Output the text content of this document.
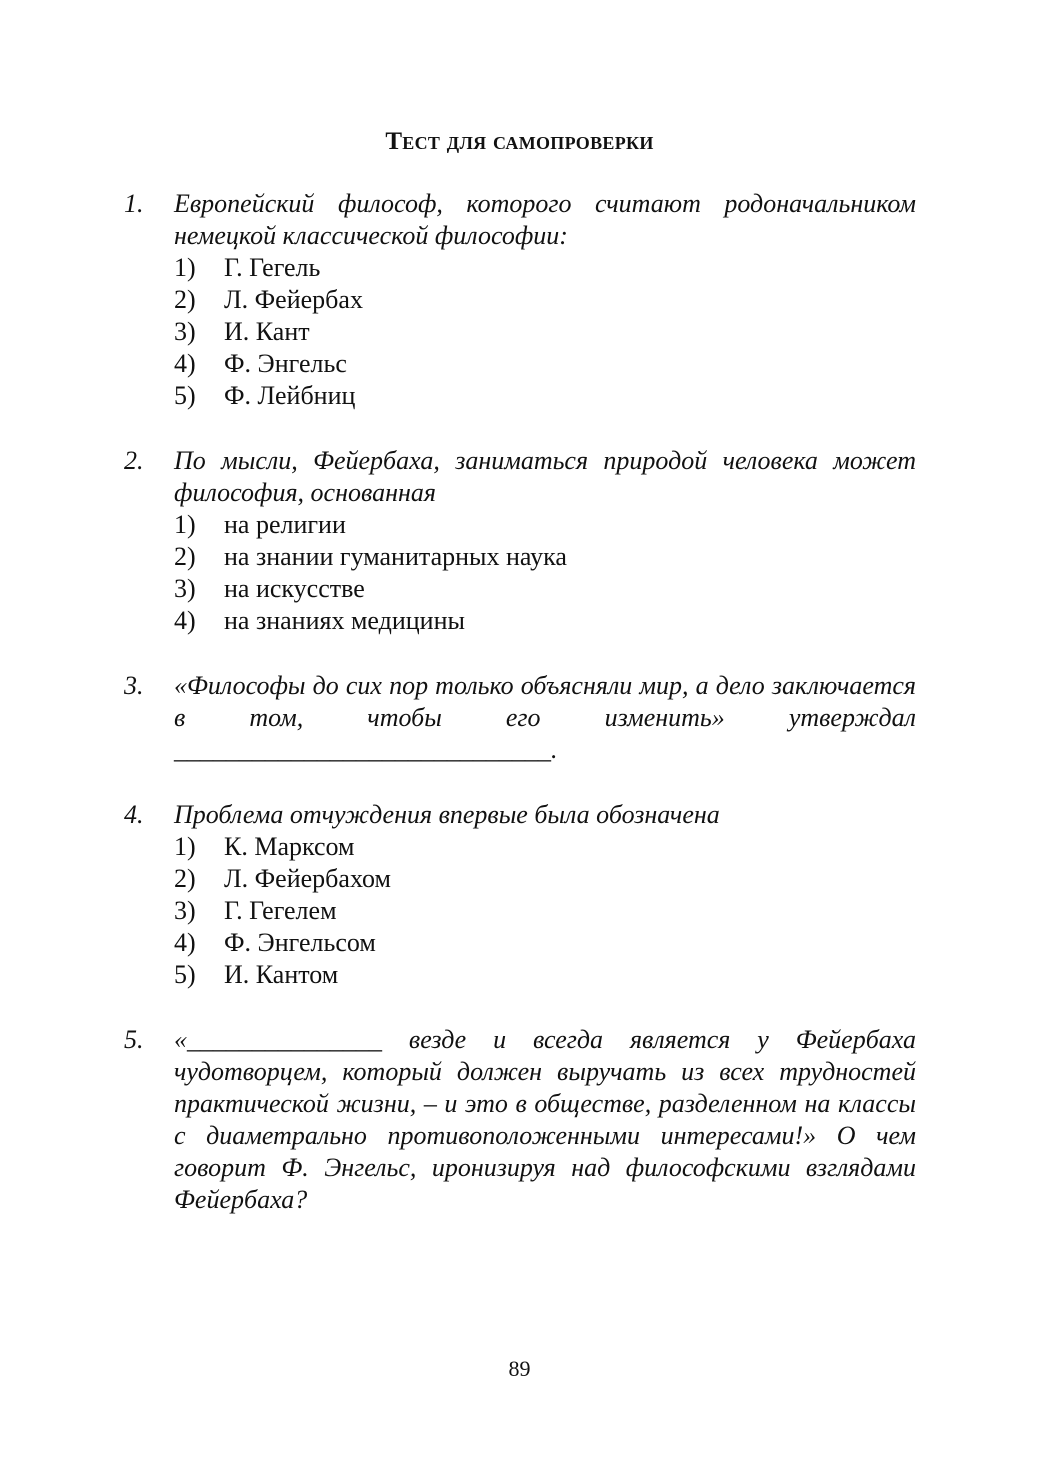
Тест для самопроверки
1. Европейский философ, которого считают родоначальником немецкой классической философии:
1) Г. Гегель
2) Л. Фейербах
3) И. Кант
4) Ф. Энгельс
5) Ф. Лейбниц
2. По мысли, Фейербаха, заниматься природой человека может философия, основанная
1) на религии
2) на знании гуманитарных наука
3) на искусстве
4) на знаниях медицины
3. «Философы до сих пор только объясняли мир, а дело заключается в том, чтобы его изменить» утверждал
_____________________________.
4. Проблема отчуждения впервые была обозначена
1) К. Марксом
2) Л. Фейербахом
3) Г. Гегелем
4) Ф. Энгельсом
5) И. Кантом
5. «_______________ везде и всегда является у Фейербаха чудотворцем, который должен выручать из всех трудностей практической жизни, – и это в обществе, разделенном на классы с диаметрально противоположенными интересами!» О чем говорит Ф. Энгельс, иронизируя над философскими взглядами Фейербаха?
89
